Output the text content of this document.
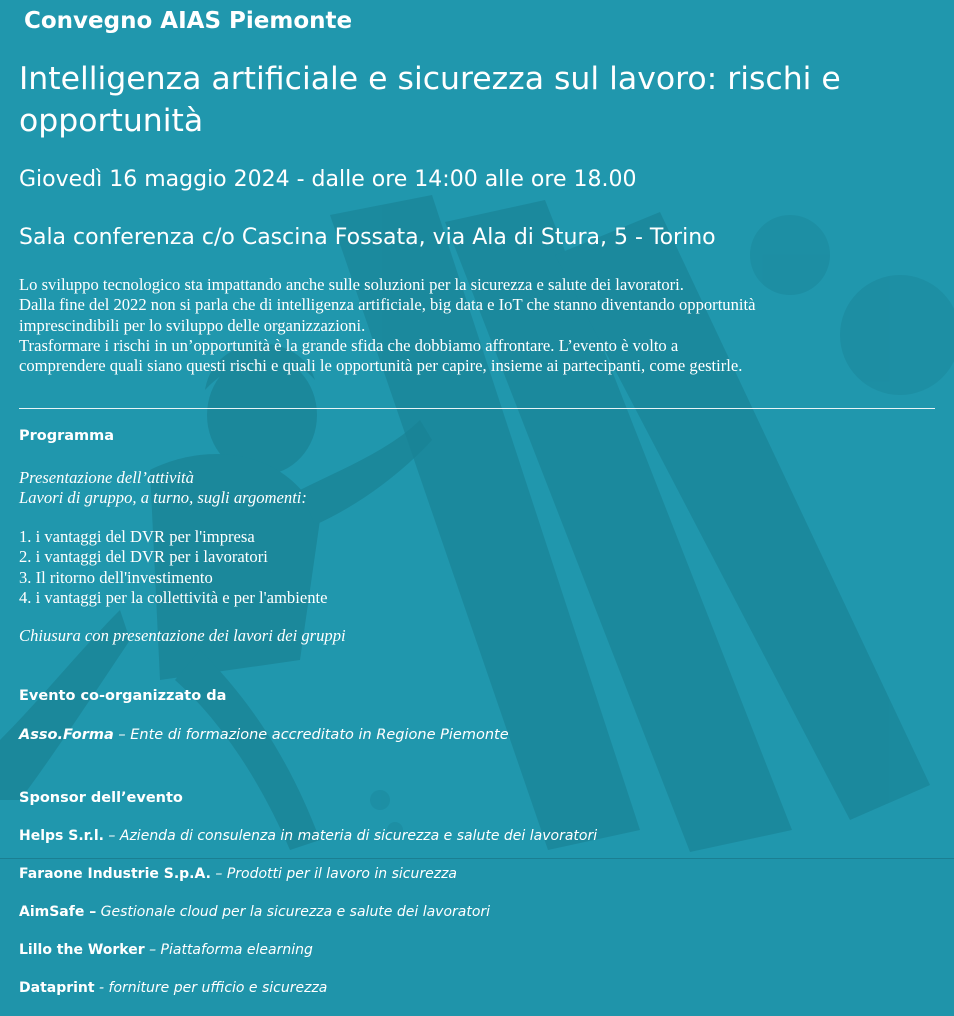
Convegno AIAS Piemonte
Intelligenza artificiale e sicurezza sul lavoro: rischi e opportunità
Giovedì 16 maggio 2024 - dalle ore 14:00 alle ore 18.00
Sala conferenza c/o Cascina Fossata, via Ala di Stura, 5 - Torino
Lo sviluppo tecnologico sta impattando anche sulle soluzioni per la sicurezza e salute dei lavoratori.
Dalla fine del 2022 non si parla che di intelligenza artificiale, big data e IoT che stanno diventando opportunità
imprescindibili per lo sviluppo delle organizzazioni.
Trasformare i rischi in un’opportunità è la grande sfida che dobbiamo affrontare. L’evento è volto a
comprendere quali siano questi rischi e quali le opportunità per capire, insieme ai partecipanti, come gestirle.
Programma
Presentazione dell’attività
Lavori di gruppo, a turno, sugli argomenti:
1. i vantaggi del DVR per l'impresa
2. i vantaggi del DVR per i lavoratori
3. Il ritorno dell'investimento
4. i vantaggi per la collettività e per l'ambiente
Chiusura con presentazione dei lavori dei gruppi
Evento co-organizzato da
Asso.Forma – Ente di formazione accreditato in Regione Piemonte
Sponsor dell’evento
Helps S.r.l. – Azienda di consulenza in materia di sicurezza e salute dei lavoratori
Faraone Industrie S.p.A. – Prodotti per il lavoro in sicurezza
AimSafe – Gestionale cloud per la sicurezza e salute dei lavoratori
Lillo the Worker – Piattaforma elearning
Dataprint - forniture per ufficio e sicurezza
